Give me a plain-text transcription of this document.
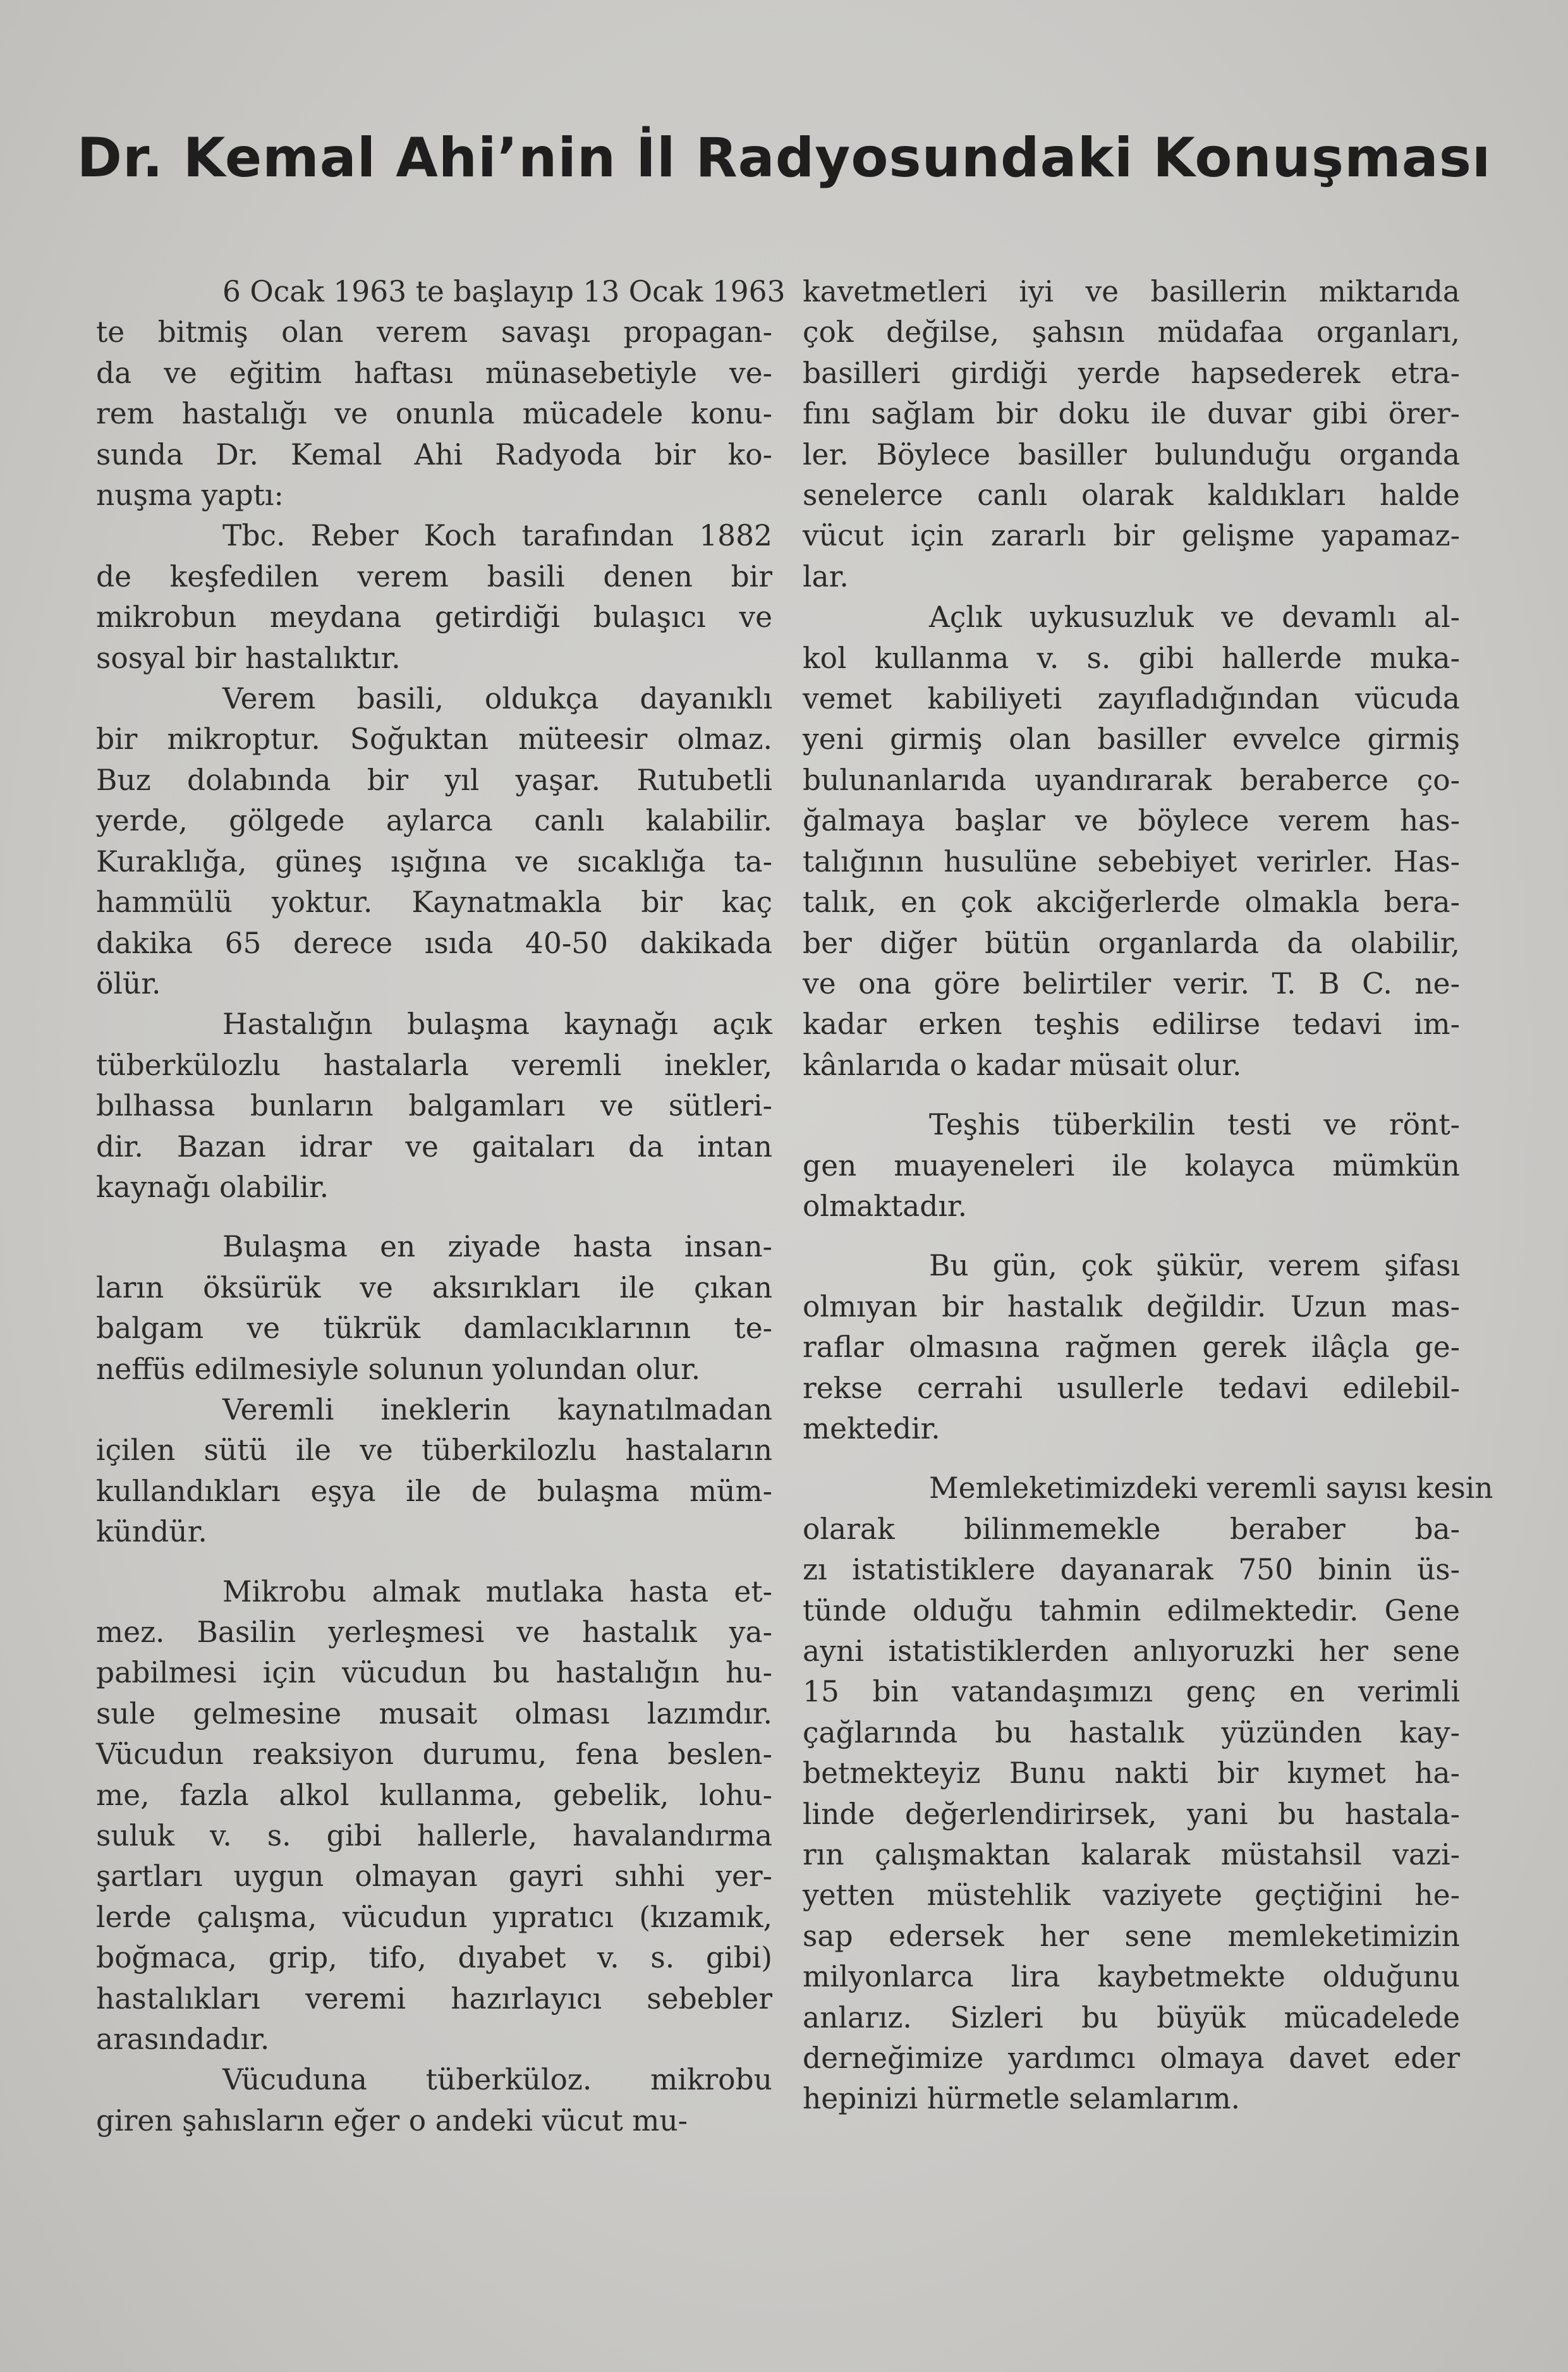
Dr. Kemal Ahi’nin İl Radyosundaki Konuşması

6 Ocak 1963 te başlayıp 13 Ocak 1963
te bitmiş olan verem savaşı propagan-
da ve eğitim haftası münasebetiyle ve-
rem hastalığı ve onunla mücadele konu-
sunda Dr. Kemal Ahi Radyoda bir ko-
nuşma yaptı:

Tbc. Reber Koch tarafından 1882
de keşfedilen verem basili denen bir
mikrobun meydana getirdiği bulaşıcı ve
sosyal bir hastalıktır.

Verem basili, oldukça dayanıklı
bir mikroptur. Soğuktan müteesir olmaz.
Buz dolabında bir yıl yaşar. Rutubetli
yerde, gölgede aylarca canlı kalabilir.
Kuraklığa, güneş ışığına ve sıcaklığa ta-
hammülü yoktur. Kaynatmakla bir kaç
dakika 65 derece ısıda 40-50 dakikada
ölür.

Hastalığın bulaşma kaynağı açık
tüberkülozlu hastalarla veremli inekler,
bılhassa bunların balgamları ve sütleri-
dir. Bazan idrar ve gaitaları da intan
kaynağı olabilir.

Bulaşma en ziyade hasta insan-
ların öksürük ve aksırıkları ile çıkan
balgam ve tükrük damlacıklarının te-
neffüs edilmesiyle solunun yolundan olur.

Veremli ineklerin kaynatılmadan
içilen sütü ile ve tüberkilozlu hastaların
kullandıkları eşya ile de bulaşma müm-
kündür.

Mikrobu almak mutlaka hasta et-
mez. Basilin yerleşmesi ve hastalık ya-
pabilmesi için vücudun bu hastalığın hu-
sule gelmesine musait olması lazımdır.
Vücudun reaksiyon durumu, fena beslen-
me, fazla alkol kullanma, gebelik, lohu-
suluk v. s. gibi hallerle, havalandırma
şartları uygun olmayan gayri sıhhi yer-
lerde çalışma, vücudun yıpratıcı (kızamık,
boğmaca, grip, tifo, dıyabet v. s. gibi)
hastalıkları veremi hazırlayıcı sebebler
arasındadır.

Vücuduna tüberküloz. mikrobu
giren şahısların eğer o andeki vücut mu-

kavetmetleri iyi ve basillerin miktarıda
çok değilse, şahsın müdafaa organları,
basilleri girdiği yerde hapsederek etra-
fını sağlam bir doku ile duvar gibi örer-
ler. Böylece basiller bulunduğu organda
senelerce canlı olarak kaldıkları halde
vücut için zararlı bir gelişme yapamaz-
lar.

Açlık uykusuzluk ve devamlı al-
kol kullanma v. s. gibi hallerde muka-
vemet kabiliyeti zayıfladığından vücuda
yeni girmiş olan basiller evvelce girmiş
bulunanlarıda uyandırarak beraberce ço-
ğalmaya başlar ve böylece verem has-
talığının husulüne sebebiyet verirler. Has-
talık, en çok akciğerlerde olmakla bera-
ber diğer bütün organlarda da olabilir,
ve ona göre belirtiler verir. T. B C. ne-
kadar erken teşhis edilirse tedavi im-
kânlarıda o kadar müsait olur.

Teşhis tüberkilin testi ve rönt-
gen muayeneleri ile kolayca mümkün
olmaktadır.

Bu gün, çok şükür, verem şifası
olmıyan bir hastalık değildir. Uzun mas-
raflar olmasına rağmen gerek ilâçla ge-
rekse cerrahi usullerle tedavi edilebil-
mektedir.

Memleketimizdeki veremli sayısı kesin
olarak bilinmemekle beraber ba-
zı istatistiklere dayanarak 750 binin üs-
tünde olduğu tahmin edilmektedir. Gene
ayni istatistiklerden anlıyoruzki her sene
15 bin vatandaşımızı genç en verimli
çağlarında bu hastalık yüzünden kay-
betmekteyiz Bunu nakti bir kıymet ha-
linde değerlendirirsek, yani bu hastala-
rın çalışmaktan kalarak müstahsil vazi-
yetten müstehlik vaziyete geçtiğini he-
sap edersek her sene memleketimizin
milyonlarca lira kaybetmekte olduğunu
anlarız. Sizleri bu büyük mücadelede
derneğimize yardımcı olmaya davet eder
hepinizi hürmetle selamlarım.
